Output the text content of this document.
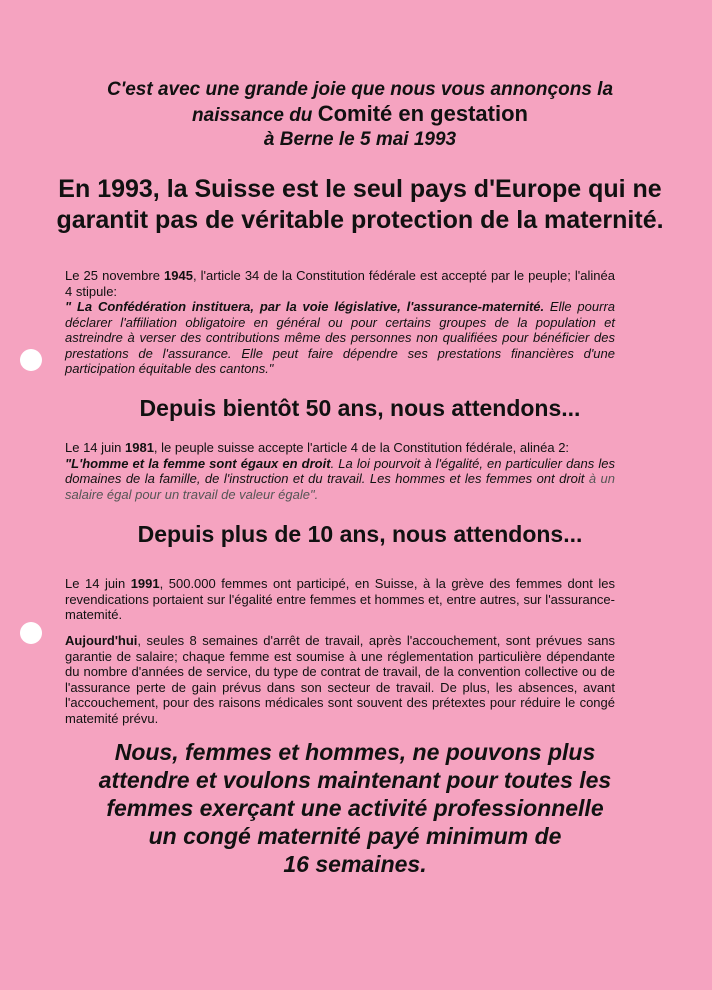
C'est avec une grande joie que nous vous annonçons la
naissance du Comité en gestation
à Berne le 5 mai 1993
En 1993, la Suisse est le seul pays d'Europe qui ne garantit pas de véritable protection de la maternité.
Le 25 novembre 1945, l'article 34 de la Constitution fédérale est accepté par le peuple; l'alinéa 4 stipule:
" La Confédération instituera, par la voie législative, l'assurance-maternité. Elle pourra déclarer l'affiliation obligatoire en général ou pour certains groupes de la population et astreindre à verser des contributions même des personnes non qualifiées pour bénéficier des prestations de l'assurance. Elle peut faire dépendre ses prestations financières d'une participation équitable des cantons."
Depuis bientôt 50 ans, nous attendons...
Le 14 juin 1981, le peuple suisse accepte l'article 4 de la Constitution fédérale, alinéa 2:
"L'homme et la femme sont égaux en droit. La loi pourvoit à l'égalité, en particulier dans les domaines de la famille, de l'instruction et du travail. Les hommes et les femmes ont droit à un salaire égal pour un travail de valeur égale".
Depuis plus de 10 ans, nous attendons...
Le 14 juin 1991, 500.000 femmes ont participé, en Suisse, à la grève des femmes dont les revendications portaient sur l'égalité entre femmes et hommes et, entre autres, sur l'assurance-matemité.
Aujourd'hui, seules 8 semaines d'arrêt de travail, après l'accouchement, sont prévues sans garantie de salaire; chaque femme est soumise à une réglementation particulière dépendante du nombre d'années de service, du type de contrat de travail, de la convention collective ou de l'assurance perte de gain prévus dans son secteur de travail. De plus, les absences, avant l'accouchement, pour des raisons médicales sont souvent des prétextes pour réduire le congé matemité prévu.
Nous, femmes et hommes, ne pouvons plus
attendre et voulons maintenant pour toutes les
femmes exerçant une activité professionnelle
un congé maternité payé minimum de
16 semaines.
